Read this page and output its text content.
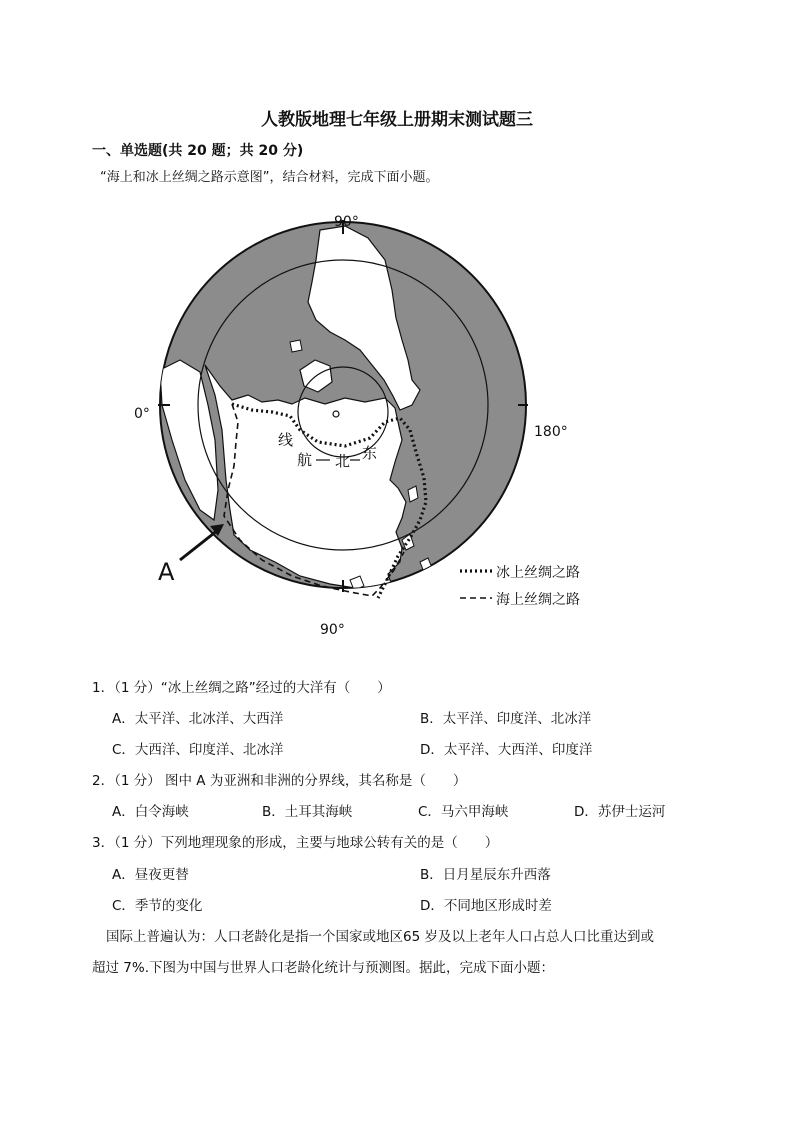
人教版地理七年级上册期末测试题三
一、单选题(共 20 题；共 20 分)
“海上和冰上丝绸之路示意图”，结合材料，完成下面小题。
线
航 北 东
90°
90°
0°
180°
A	冰上丝绸之路
海上丝绸之路
1．（1 分）“冰上丝绸之路”经过的大洋有（　　）
A．太平洋、北冰洋、大西洋	B．太平洋、印度洋、北冰洋
C．大西洋、印度洋、北冰洋	D．太平洋、大西洋、印度洋
2．（1 分） 图中 A 为亚洲和非洲的分界线，其名称是（　　）
A．白令海峡	B．土耳其海峡	C．马六甲海峡	D．苏伊士运河
3．（1 分）下列地理现象的形成，主要与地球公转有关的是（　　）
A．昼夜更替	B．日月星辰东升西落
C．季节的变化	D．不同地区形成时差
国际上普遍认为：人口老龄化是指一个国家或地区65 岁及以上老年人口占总人口比重达到或
超过 7%.下图为中国与世界人口老龄化统计与预测图。据此，完成下面小题：
